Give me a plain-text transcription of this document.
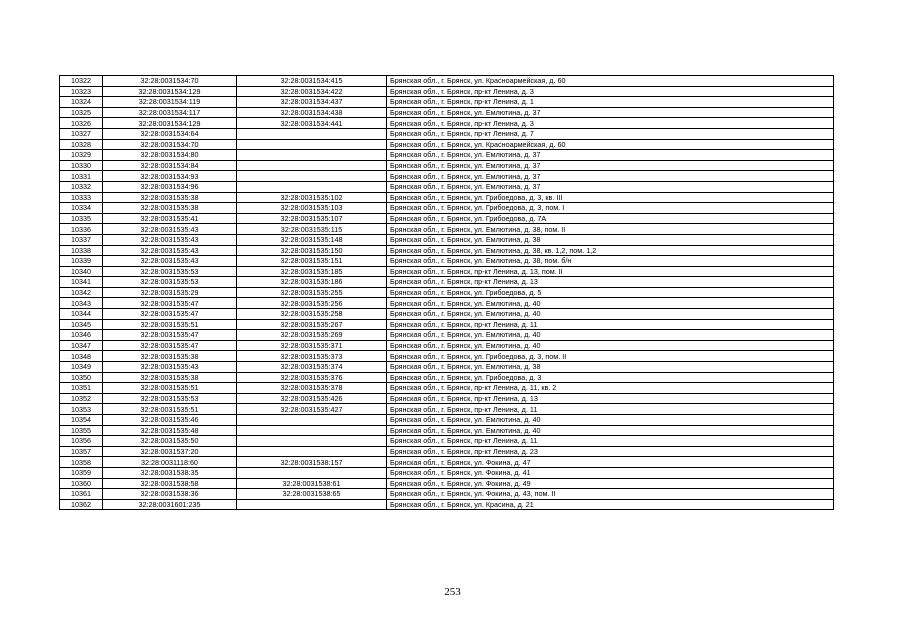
10322	32:28:0031534:70	32:28:0031534:415	Брянская обл., г. Брянск, ул. Красноармейская, д. 60
10323	32:28:0031534:129	32:28:0031534:422	Брянская обл., г. Брянск, пр-кт Ленина, д. 3
10324	32:28:0031534:119	32:28:0031534:437	Брянская обл., г. Брянск, пр-кт Ленина, д. 1
10325	32:28:0031534:117	32:28:0031534:438	Брянская обл., г. Брянск, ул. Емлютина, д. 37
10326	32:28:0031534:129	32:28:0031534:441	Брянская обл., г. Брянск, пр-кт Ленина, д. 3
10327	32:28:0031534:64		Брянская обл., г. Брянск, пр-кт Ленина, д. 7
10328	32:28:0031534:70		Брянская обл., г. Брянск, ул. Красноармейская, д. 60
10329	32:28:0031534:80		Брянская обл., г. Брянск, ул. Емлютина, д. 37
10330	32:28:0031534:84		Брянская обл., г. Брянск, ул. Емлютина, д. 37
10331	32:28:0031534:93		Брянская обл., г. Брянск, ул. Емлютина, д. 37
10332	32:28:0031534:96		Брянская обл., г. Брянск, ул. Емлютина, д. 37
10333	32:28:0031535:38	32:28:0031535:102	Брянская обл., г. Брянск, ул. Грибоедова, д. 3, кв. III
10334	32:28:0031535:38	32:28:0031535:103	Брянская обл., г. Брянск, ул. Грибоедова, д. 3, пом. I
10335	32:28:0031535:41	32:28:0031535:107	Брянская обл., г. Брянск, ул. Грибоедова, д. 7А
10336	32:28:0031535:43	32:28:0031535:115	Брянская обл., г. Брянск, ул. Емлютина, д. 38, пом. II
10337	32:28:0031535:43	32:28:0031535:148	Брянская обл., г. Брянск, ул. Емлютина, д. 38
10338	32:28:0031535:43	32:28:0031535:150	Брянская обл., г. Брянск, ул. Емлютина, д. 38, кв. 1,2, пом. 1,2
10339	32:28:0031535:43	32:28:0031535:151	Брянская обл., г. Брянск, ул. Емлютина, д. 38, пом. б/н
10340	32:28:0031535:53	32:28:0031535:185	Брянская обл., г. Брянск, пр-кт Ленина, д. 13, пом. II
10341	32:28:0031535:53	32:28:0031535:186	Брянская обл., г. Брянск, пр-кт Ленина, д. 13
10342	32:28:0031535:29	32:28:0031535:255	Брянская обл., г. Брянск, ул. Грибоедова, д. 5
10343	32:28:0031535:47	32:28:0031535:256	Брянская обл., г. Брянск, ул. Емлютина, д. 40
10344	32:28:0031535:47	32:28:0031535:258	Брянская обл., г. Брянск, ул. Емлютина, д. 40
10345	32:28:0031535:51	32:28:0031535:267	Брянская обл., г. Брянск, пр-кт Ленина, д. 11
10346	32:28:0031535:47	32:28:0031535:269	Брянская обл., г. Брянск, ул. Емлютина, д. 40
10347	32:28:0031535:47	32:28:0031535:371	Брянская обл., г. Брянск, ул. Емлютина, д. 40
10348	32:28:0031535:38	32:28:0031535:373	Брянская обл., г. Брянск, ул. Грибоедова, д. 3, пом. II
10349	32:28:0031535:43	32:28:0031535:374	Брянская обл., г. Брянск, ул. Емлютина, д. 38
10350	32:28:0031535:38	32:28:0031535:376	Брянская обл., г. Брянск, ул. Грибоедова, д. 3
10351	32:28:0031535:51	32:28:0031535:378	Брянская обл., г. Брянск, пр-кт Ленина, д. 11, кв. 2
10352	32:28:0031535:53	32:28:0031535:426	Брянская обл., г. Брянск, пр-кт Ленина, д. 13
10353	32:28:0031535:51	32:28:0031535:427	Брянская обл., г. Брянск, пр-кт Ленина, д. 11
10354	32:28:0031535:46		Брянская обл., г. Брянск, ул. Емлютина, д. 40
10355	32:28:0031535:48		Брянская обл., г. Брянск, ул. Емлютина, д. 40
10356	32:28:0031535:50		Брянская обл., г. Брянск, пр-кт Ленина, д. 11
10357	32:28:0031537:20		Брянская обл., г. Брянск, пр-кт Ленина, д. 23
10358	32:28:0031118:60	32:28:0031538:157	Брянская обл., г. Брянск, ул. Фокина, д. 47
10359	32:28:0031538:35		Брянская обл., г. Брянск, ул. Фокина, д. 41
10360	32:28:0031538:58	32:28:0031538:61	Брянская обл., г. Брянск, ул. Фокина, д. 49
10361	32:28:0031538:36	32:28:0031538:65	Брянская обл., г. Брянск, ул. Фокина, д. 43, пом. II
10362	32:28:0031601:235		Брянская обл., г. Брянск, ул. Красина, д. 21
253
